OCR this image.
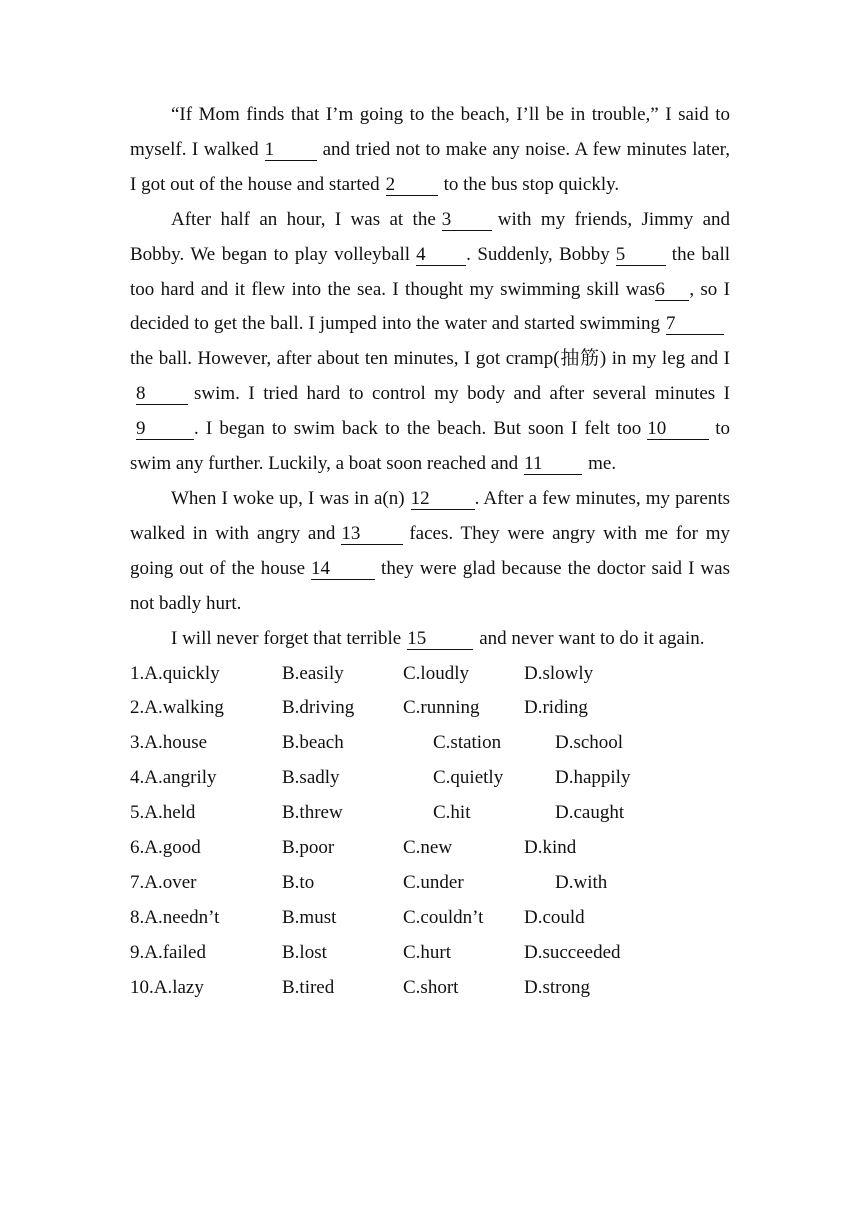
“If Mom finds that I’m going to the beach, I’ll be in trouble,” I said to myself. I walked 1	and tried not to make any noise. A few minutes later, I got out of the house and started 2	to the bus stop quickly.

After half an hour, I was at the 3 with my friends, Jimmy and Bobby. We began to play volleyball 4 . Suddenly, Bobby 5 the ball too hard and it flew into the sea. I thought my swimming skill was6 , so I decided to get the ball. I jumped into the water and started swimming 7the ball. However, after about ten minutes, I got cramp(抽筋) in my leg and I8	swim. I tried hard to control my body and after several minutes I9	. I began to swim back to the beach. But soon I felt too 10	to swim any further. Luckily, a boat soon reached and 11 me.

When I woke up, I was in a(n) 12 . After a few minutes, my parents walked in with angry and 13	faces. They were angry with me for my going out of the house 14	they were glad because the doctor said I was not badly hurt.

I will never forget that terrible 15	and never want to do it again.

1.A.quickly	B.easily	C.loudly	D.slowly
2.A.walking	B.driving	C.running D.riding
3.A.house	B.beach	C.station	D.school
4.A.angrily	B.sadly	C.quietly	D.happily
5.A.held	B.threw	C.hit	D.caught
6.A.good	B.poor	C.new	D.kind
7.A.over	B.to	C.under	D.with
8.A.needn’t	B.must	C.couldn’t D.could
9.A.failed	B.lost	C.hurt	D.succeeded
10.A.lazy	B.tired	C.short	D.strong
